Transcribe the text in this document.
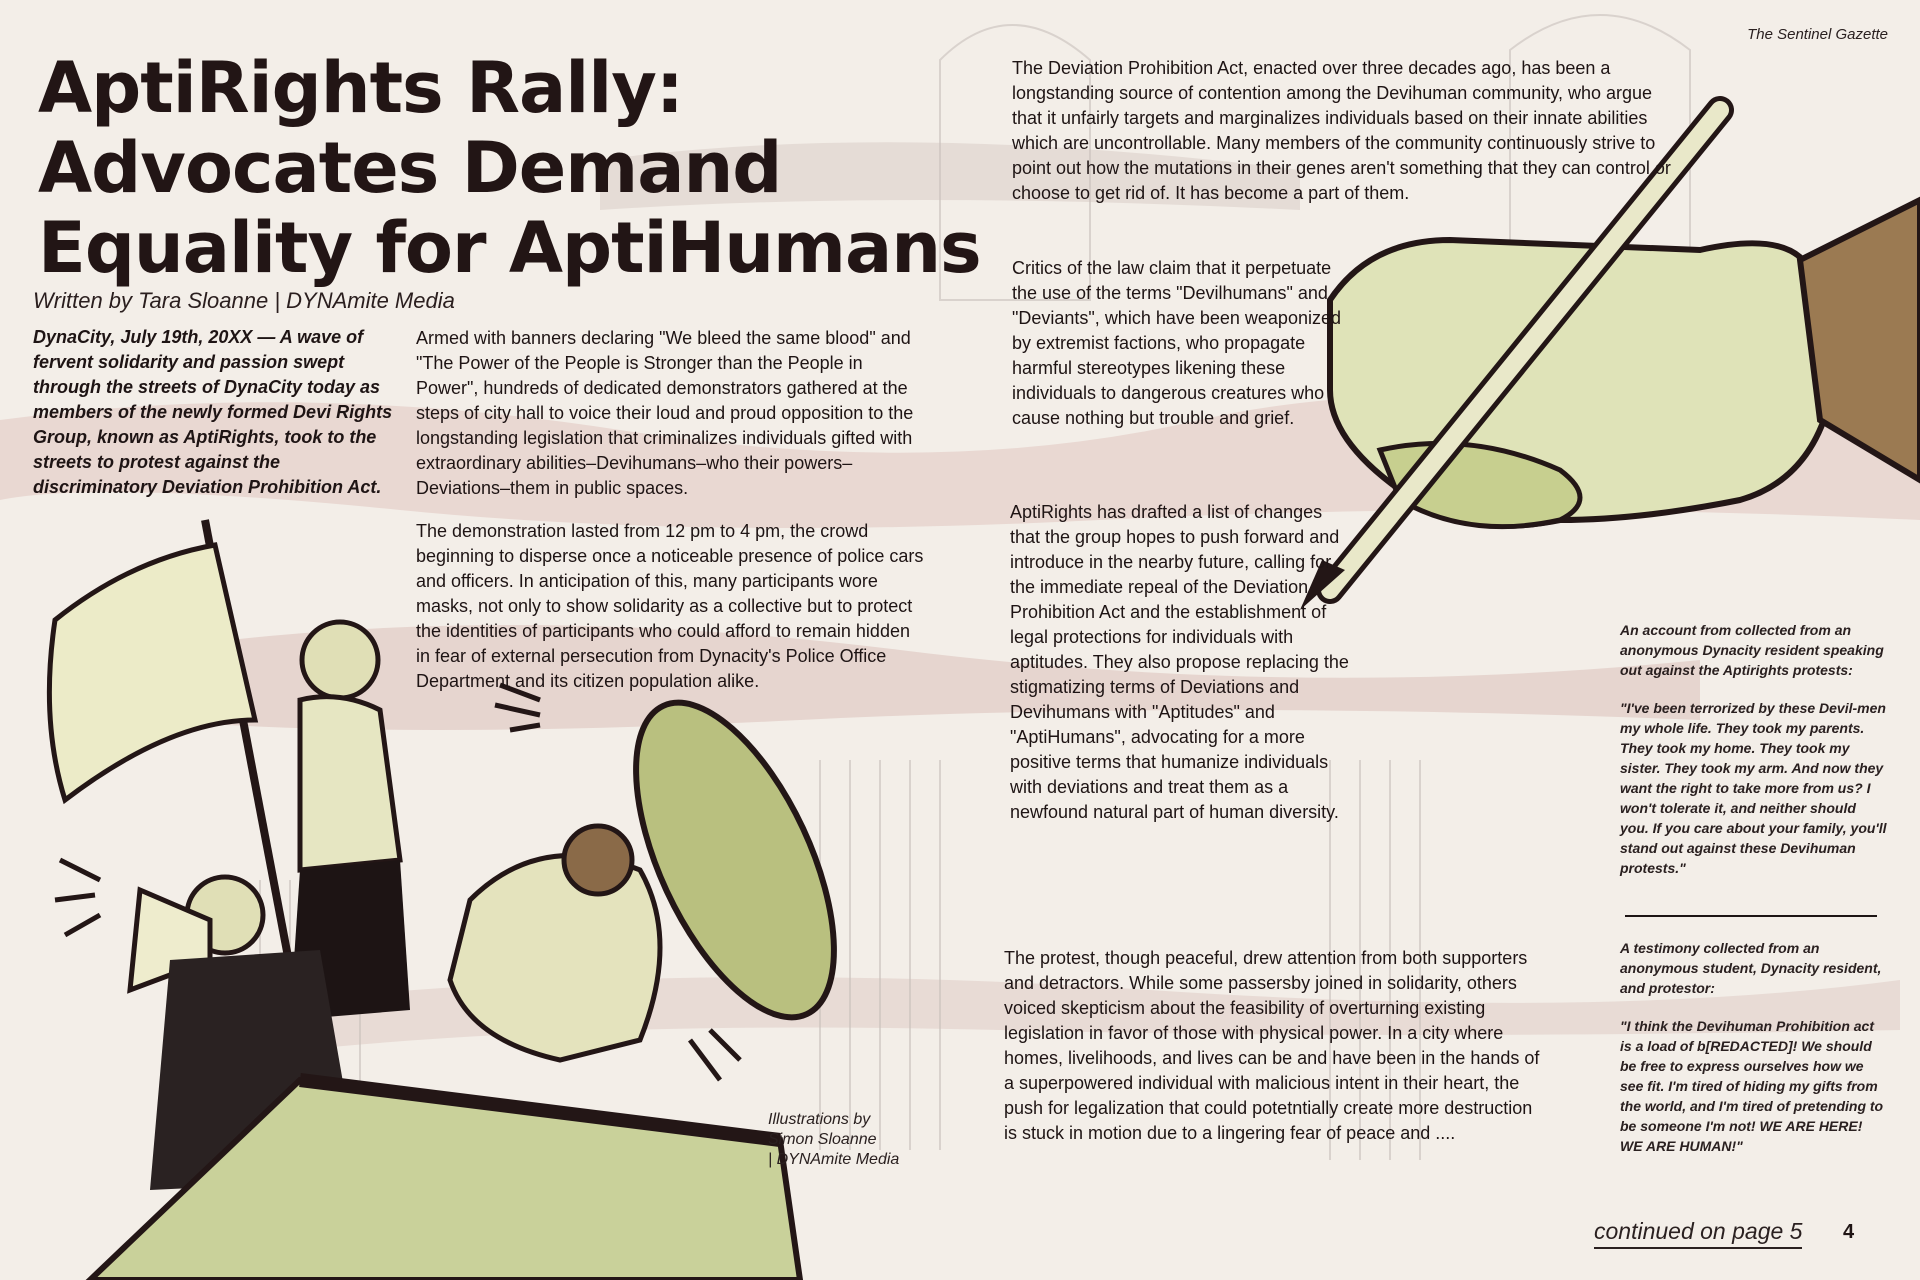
The Sentinel Gazette
AptiRights Rally:
Advocates Demand
Equality for AptiHumans
Written by Tara Sloanne | DYNAmite Media
DynaCity, July 19th, 20XX — A wave of fervent solidarity and passion swept through the streets of DynaCity today as members of the newly formed Devi Rights Group, known as AptiRights, took to the streets to protest against the discriminatory Deviation Prohibition Act.

Armed with banners declaring "We bleed the same blood" and "The Power of the People is Stronger than the People in Power", hundreds of dedicated demonstrators gathered at the steps of city hall to voice their loud and proud opposition to the longstanding legislation that criminalizes individuals gifted with extraordinary abilities–Devihumans–who their powers–Deviations–them in public spaces.

The demonstration lasted from 12 pm to 4 pm, the crowd beginning to disperse once a noticeable presence of police cars and officers. In anticipation of this, many participants wore masks, not only to show solidarity as a collective but to protect the identities of participants who could afford to remain hidden in fear of external persecution from Dynacity's Police Office Department and its citizen population alike.

The Deviation Prohibition Act, enacted over three decades ago, has been a longstanding source of contention among the Devihuman community, who argue that it unfairly targets and marginalizes individuals based on their innate abilities which are uncontrollable. Many members of the community continuously strive to point out how the mutations in their genes aren't something that they can control or choose to get rid of. It has become a part of them.

Critics of the law claim that it perpetuate the use of the terms "Devilhumans" and "Deviants", which have been weaponized by extremist factions, who propagate harmful stereotypes likening these individuals to dangerous creatures who cause nothing but trouble and grief.

AptiRights has drafted a list of changes that the group hopes to push forward and introduce in the nearby future, calling for the immediate repeal of the Deviation Prohibition Act and the establishment of legal protections for individuals with aptitudes. They also propose replacing the stigmatizing terms of Deviations and Devihumans with "Aptitudes" and "AptiHumans", advocating for a more positive terms that humanize individuals with deviations and treat them as a newfound natural part of human diversity.

The protest, though peaceful, drew attention from both supporters and detractors. While some passersby joined in solidarity, others voiced skepticism about the feasibility of overturning existing legislation in favor of those with physical power. In a city where homes, livelihoods, and lives can be and have been in the hands of a superpowered individual with malicious intent in their heart, the push for legalization that could potetntially create more destruction is stuck in motion due to a lingering fear of peace and ....

An account from collected from an anonymous Dynacity resident speaking out against the Aptirights protests:

"I've been terrorized by these Devil-men my whole life. They took my parents. They took my home. They took my sister. They took my arm. And now they want the right to take more from us? I won't tolerate it, and neither should you. If you care about your family, you'll stand out against these Devihuman protests."

A testimony collected from an anonymous student, Dynacity resident, and protestor:

"I think the Devihuman Prohibition act is a load of b[REDACTED]! We should be free to express ourselves how we see fit. I'm tired of hiding my gifts from the world, and I'm tired of pretending to be someone I'm not! WE ARE HERE! WE ARE HUMAN!"

Illustrations by
Simon Sloanne
| DYNAmite Media
continued on page 5 4
